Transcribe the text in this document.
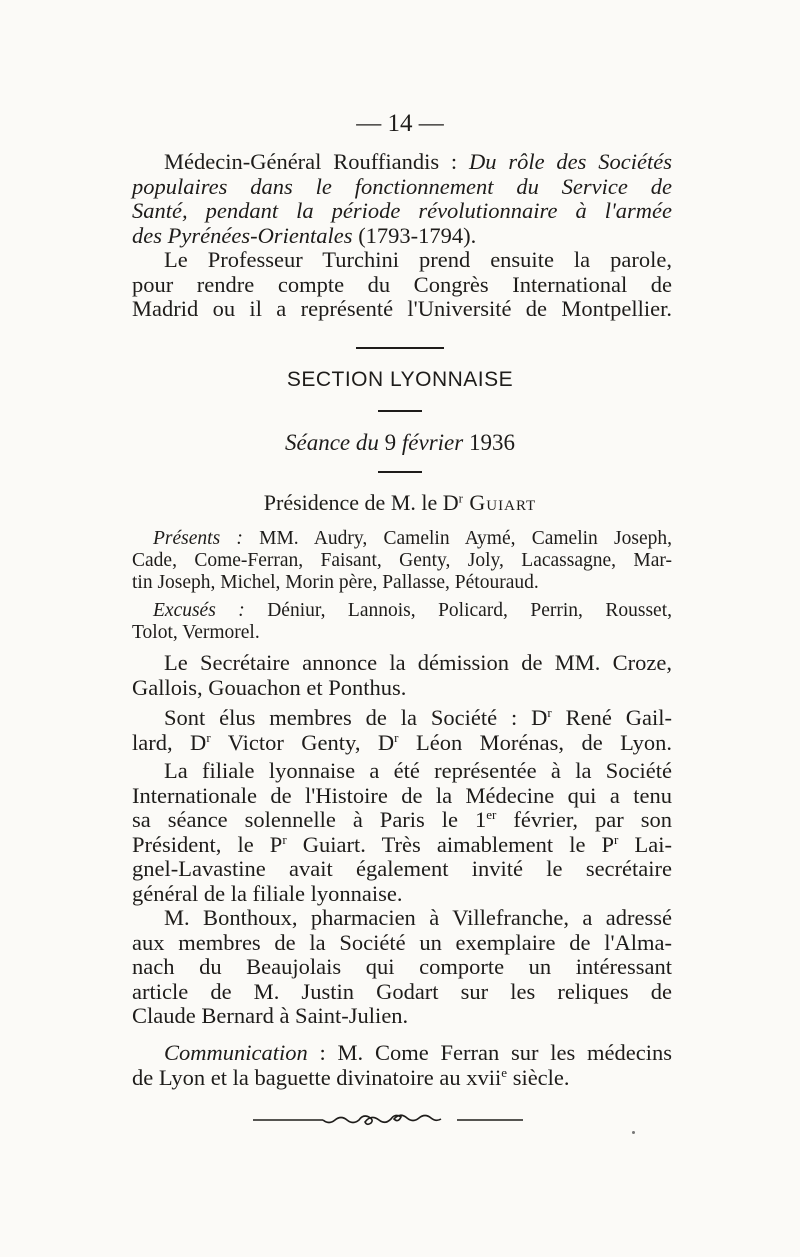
— 14 —
Médecin-Général Rouffiandis : Du rôle des Sociétés
populaires dans le fonctionnement du Service de
Santé, pendant la période révolutionnaire à l'armée
des Pyrénées-Orientales (1793-1794).
Le Professeur Turchini prend ensuite la parole,
pour rendre compte du Congrès International de
Madrid ou il a représenté l'Université de Montpellier.
SECTION LYONNAISE
Séance du 9 février 1936
Présidence de M. le $D^r$ Guiart
Présents : MM. Audry, Camelin Aymé, Camelin Joseph,
Cade, Come-Ferran, Faisant, Genty, Joly, Lacassagne, Mar-
tin Joseph, Michel, Morin père, Pallasse, Pétouraud.
Excusés : Déniur, Lannois, Policard, Perrin, Rousset,
Tolot, Vermorel.
Le Secrétaire annonce la démission de MM. Croze,
Gallois, Gouachon et Ponthus.
Sont élus membres de la Société : $D^r$ René Gail-
lard, $D^r$ Victor Genty, $D^r$ Léon Morénas, de Lyon.
La filiale lyonnaise a été représentée à la Société
Internationale de l'Histoire de la Médecine qui a tenu
sa séance solennelle à Paris le 1er février, par son
Président, le $P^r$ Guiart. Très aimablement le $P^r$ Lai-
gnel-Lavastine avait également invité le secrétaire
général de la filiale lyonnaise.
M. Bonthoux, pharmacien à Villefranche, a adressé
aux membres de la Société un exemplaire de l'Alma-
nach du Beaujolais qui comporte un intéressant
article de M. Justin Godart sur les reliques de
Claude Bernard à Saint-Julien.
Communication : M. Come Ferran sur les médecins
de Lyon et la baguette divinatoire au xvii$^e$ siècle.
